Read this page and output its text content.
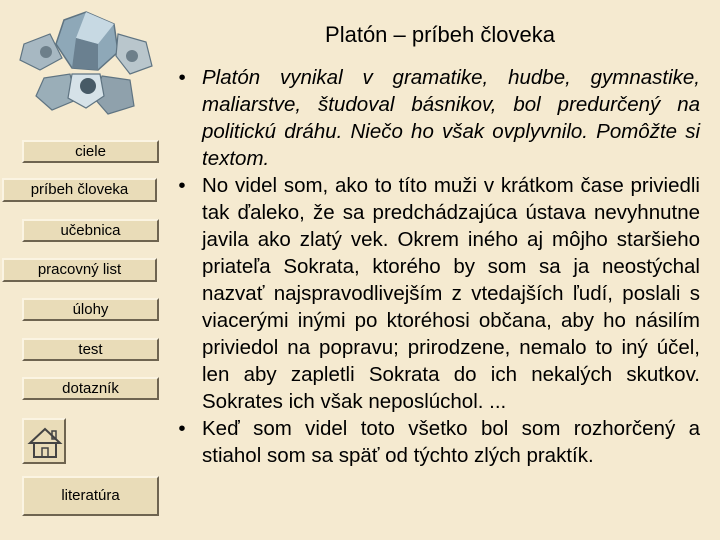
Platón – príbeh človeka
ciele
príbeh človeka
učebnica
pracovný list
úlohy
test
dotazník
literatúra
• Platón vynikal v gramatike, hudbe, gymnastike, maliarstve, študoval básnikov, bol predurčený na politickú dráhu. Niečo ho však ovplyvnilo. Pomôžte si textom.
• No videl som, ako to títo muži v krátkom čase priviedli tak ďaleko, že sa predchádzajúca ústava nevyhnutne javila ako zlatý vek. Okrem iného aj môjho staršieho priateľa Sokrata, ktorého by som sa ja neostýchal nazvať najspravodlivejším z vtedajších ľudí, poslali s viacerými inými po ktoréhosi občana, aby ho násilím priviedol na popravu; prirodzene, nemalo to iný účel, len aby zapletli Sokrata do ich nekalých skutkov. Sokrates ich však neposlúchol. ...
• Keď som videl toto všetko bol som rozhorčený a stiahol som sa späť od týchto zlých praktík.
